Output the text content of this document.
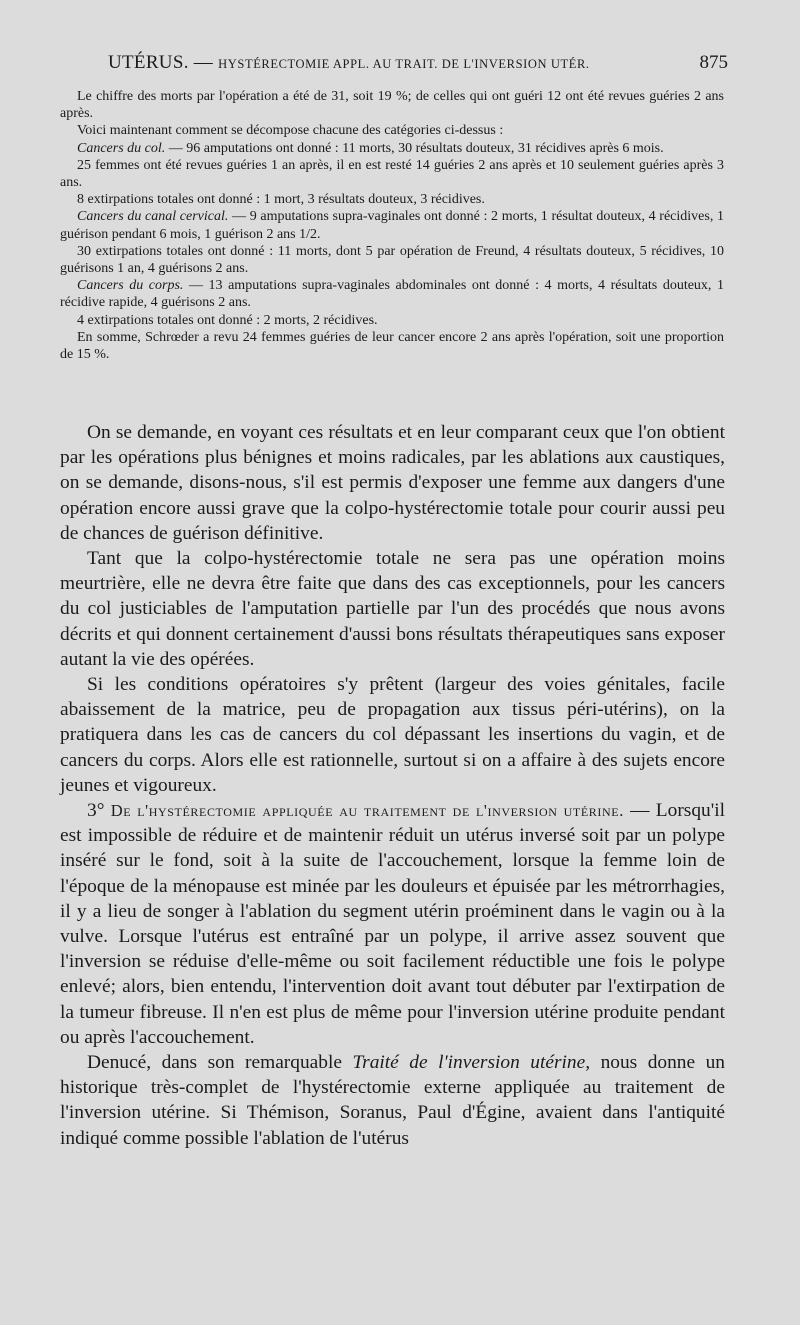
UTÉRUS. — HYSTÉRECTOMIE APPL. AU TRAIT. DE L'INVERSION UTÉR.	875

Le chiffre des morts par l'opération a été de 31, soit 19 %; de celles qui ont guéri 12 ont été revues guéries 2 ans après.

Voici maintenant comment se décompose chacune des catégories ci-dessus :

Cancers du col. — 96 amputations ont donné : 11 morts, 30 résultats douteux, 31 récidives après 6 mois.

25 femmes ont été revues guéries 1 an après, il en est resté 14 guéries 2 ans après et 10 seulement guéries après 3 ans.

8 extirpations totales ont donné : 1 mort, 3 résultats douteux, 3 récidives.

Cancers du canal cervical. — 9 amputations supra-vaginales ont donné : 2 morts, 1 résultat douteux, 4 récidives, 1 guérison pendant 6 mois, 1 guérison 2 ans 1/2.

30 extirpations totales ont donné : 11 morts, dont 5 par opération de Freund, 4 résultats douteux, 5 récidives, 10 guérisons 1 an, 4 guérisons 2 ans.

Cancers du corps. — 13 amputations supra-vaginales abdominales ont donné : 4 morts, 4 résultats douteux, 1 récidive rapide, 4 guérisons 2 ans.

4 extirpations totales ont donné : 2 morts, 2 récidives.

En somme, Schrœder a revu 24 femmes guéries de leur cancer encore 2 ans après l'opération, soit une proportion de 15 %.

On se demande, en voyant ces résultats et en leur comparant ceux que l'on obtient par les opérations plus bénignes et moins radicales, par les ablations aux caustiques, on se demande, disons-nous, s'il est permis d'exposer une femme aux dangers d'une opération encore aussi grave que la colpo-hystérectomie totale pour courir aussi peu de chances de guérison définitive.

Tant que la colpo-hystérectomie totale ne sera pas une opération moins meurtrière, elle ne devra être faite que dans des cas exceptionnels, pour les cancers du col justiciables de l'amputation partielle par l'un des procédés que nous avons décrits et qui donnent certainement d'aussi bons résultats thérapeutiques sans exposer autant la vie des opérées.

Si les conditions opératoires s'y prêtent (largeur des voies génitales, facile abaissement de la matrice, peu de propagation aux tissus péri-utérins), on la pratiquera dans les cas de cancers du col dépassant les insertions du vagin, et de cancers du corps. Alors elle est rationnelle, surtout si on a affaire à des sujets encore jeunes et vigoureux.

3° De l'hystérectomie appliquée au traitement de l'inversion utérine. — Lorsqu'il est impossible de réduire et de maintenir réduit un utérus inversé soit par un polype inséré sur le fond, soit à la suite de l'accouchement, lorsque la femme loin de l'époque de la ménopause est minée par les douleurs et épuisée par les métrorrhagies, il y a lieu de songer à l'ablation du segment utérin proéminent dans le vagin ou à la vulve. Lorsque l'utérus est entraîné par un polype, il arrive assez souvent que l'inversion se réduise d'elle-même ou soit facilement réductible une fois le polype enlevé; alors, bien entendu, l'intervention doit avant tout débuter par l'extirpation de la tumeur fibreuse. Il n'en est plus de même pour l'inversion utérine produite pendant ou après l'accouchement.

Denucé, dans son remarquable Traité de l'inversion utérine, nous donne un historique très-complet de l'hystérectomie externe appliquée au traitement de l'inversion utérine. Si Thémison, Soranus, Paul d'Égine, avaient dans l'antiquité indiqué comme possible l'ablation de l'utérus
